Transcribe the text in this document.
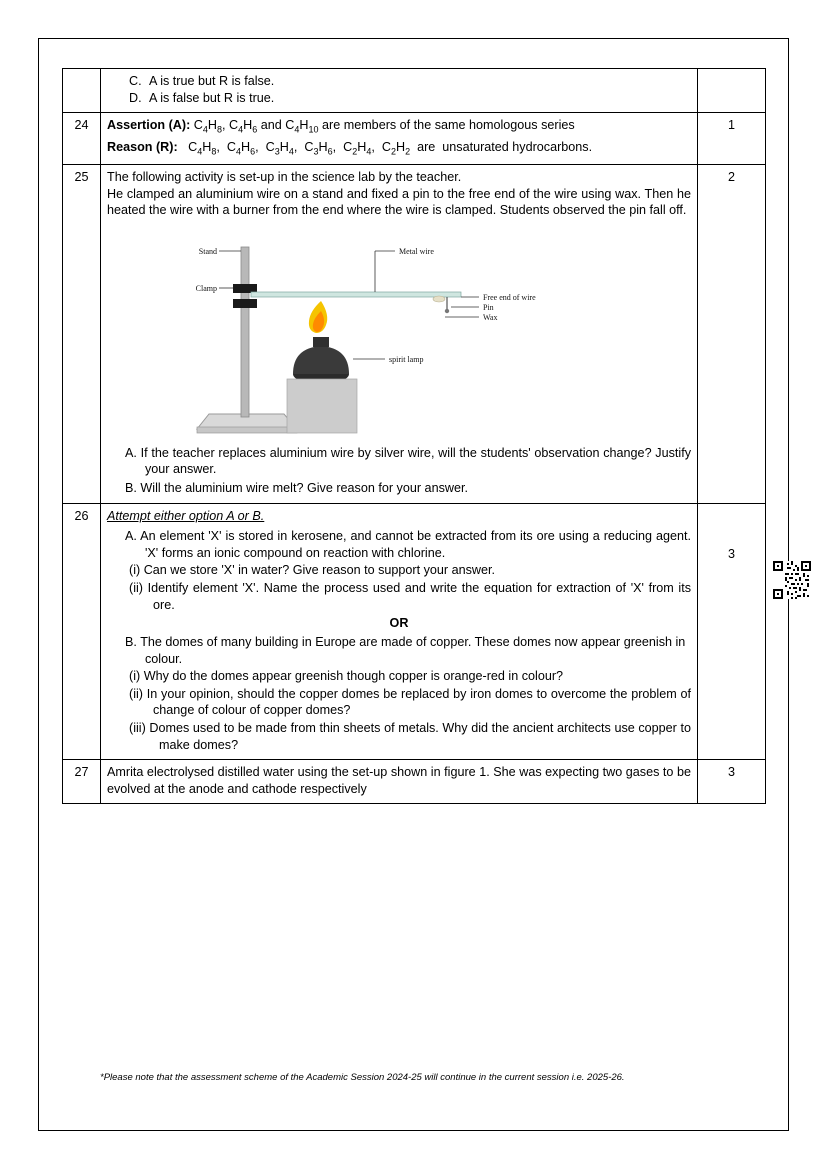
	C. A is true but R is false.
D. A is false but R is true.	

24	Assertion (A): $C_4H_8$, $C_4H_6$ and $C_4H_{10}$ are members of the same homologous series
Reason (R):   $C_4H_8$,  $C_4H_6$,  $C_3H_4$,  $C_3H_6$,  $C_2H_4$,  $C_2H_2$  are  unsaturated hydrocarbons.	1
25	The following activity is set-up in the science lab by the teacher.
He clamped an aluminium wire on a stand and fixed a pin to the free end of the wire using wax. Then he heated the wire with a burner from the end where the wire is clamped. Students observed the pin fall off.
Stand
Clamp
Metal wire
Free end of wire
Pin
Wax
spirit lamp
A. If the teacher replaces aluminium wire by silver wire, will the students' observation change? Justify your answer.
B. Will the aluminium wire melt? Give reason for your answer.
	2
26	Attempt either option A or B.
A. An element 'X' is stored in kerosene, and cannot be extracted from its ore using a reducing agent. 'X' forms an ionic compound on reaction with chlorine.
(i) Can we store 'X' in water? Give reason to support your answer.
(ii) Identify element 'X'. Name the process used and write the equation for extraction of 'X' from its ore.
OR
B. The domes of many building in Europe are made of copper. These domes now appear greenish in colour.
(i) Why do the domes appear greenish though copper is orange-red in colour?
(ii) In your opinion, should the copper domes be replaced by iron domes to overcome the problem of change of colour of copper domes?
(iii) Domes used to be made from thin sheets of metals. Why did the ancient architects use copper to make domes?
	3
27	Amrita electrolysed distilled water using the set-up shown in figure 1. She was expecting two gases to be evolved at the anode and cathode respectively	3
*Please note that the assessment scheme of the Academic Session 2024-25 will continue in the current session i.e. 2025-26.
